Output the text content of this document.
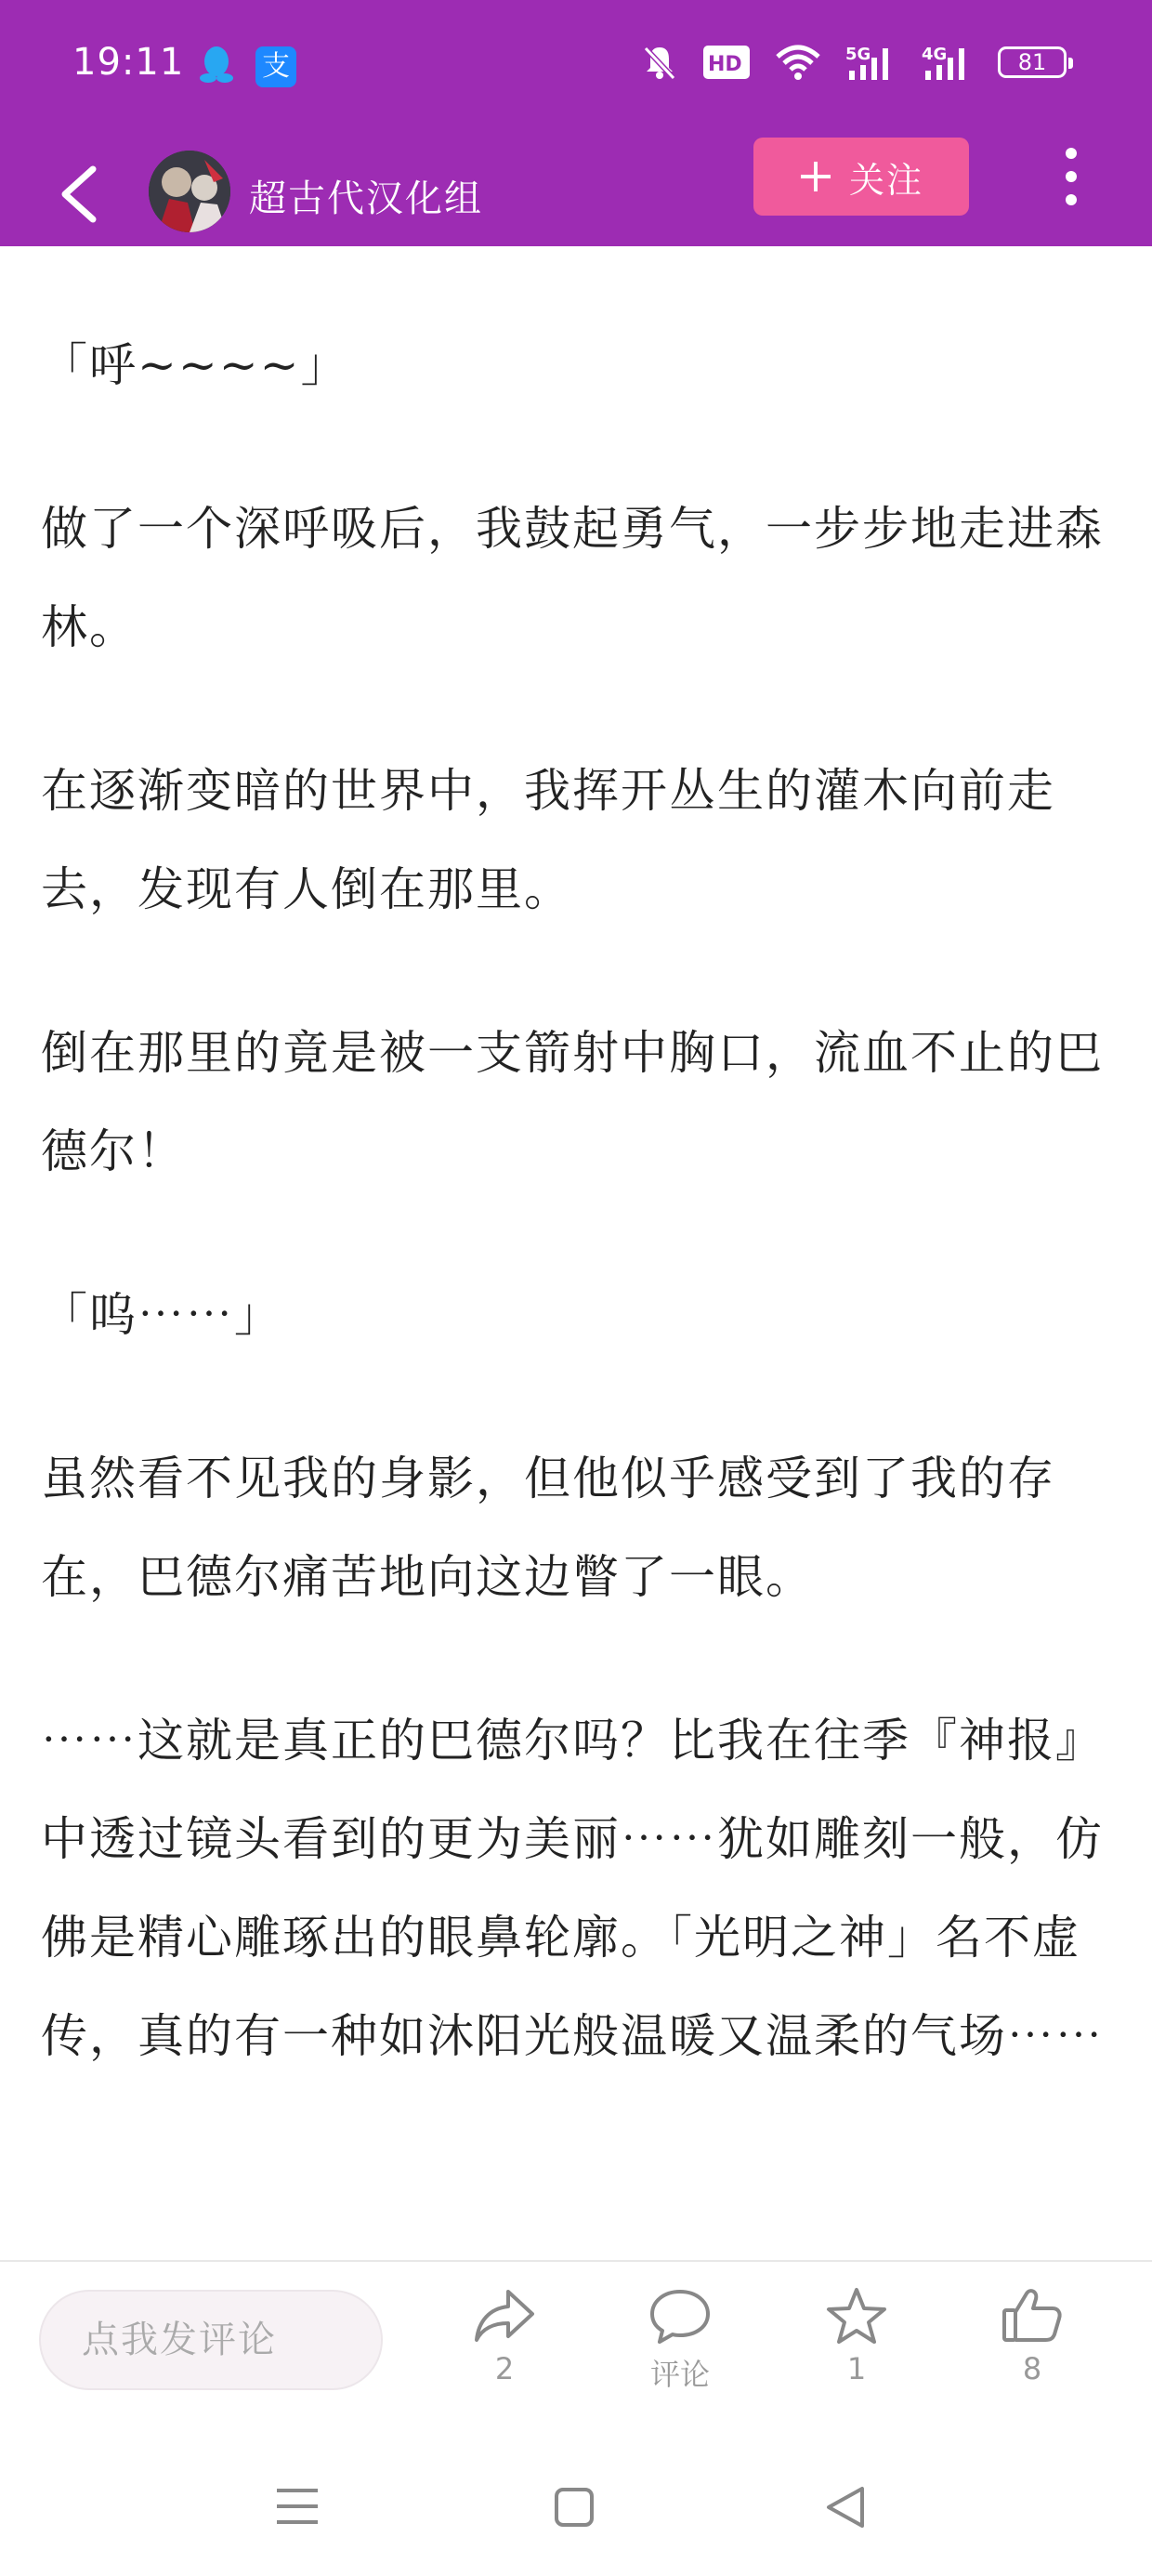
19:11	支	HD	5G	4G	81
超古代汉化组	关注

「呼~~~~」

做了一个深呼吸后，我鼓起勇气，一步步地走进森林。

在逐渐变暗的世界中，我挥开丛生的灌木向前走去，发现有人倒在那里。

倒在那里的竟是被一支箭射中胸口，流血不止的巴德尔！

「呜⋯⋯」

虽然看不见我的身影，但他似乎感受到了我的存在，巴德尔痛苦地向这边瞥了一眼。

⋯⋯这就是真正的巴德尔吗？比我在往季『神报』中透过镜头看到的更为美丽⋯⋯犹如雕刻一般，仿佛是精心雕琢出的眼鼻轮廓。「光明之神」名不虚传，真的有一种如沐阳光般温暖又温柔的气场⋯⋯

点我发评论
2	评论	1	8
